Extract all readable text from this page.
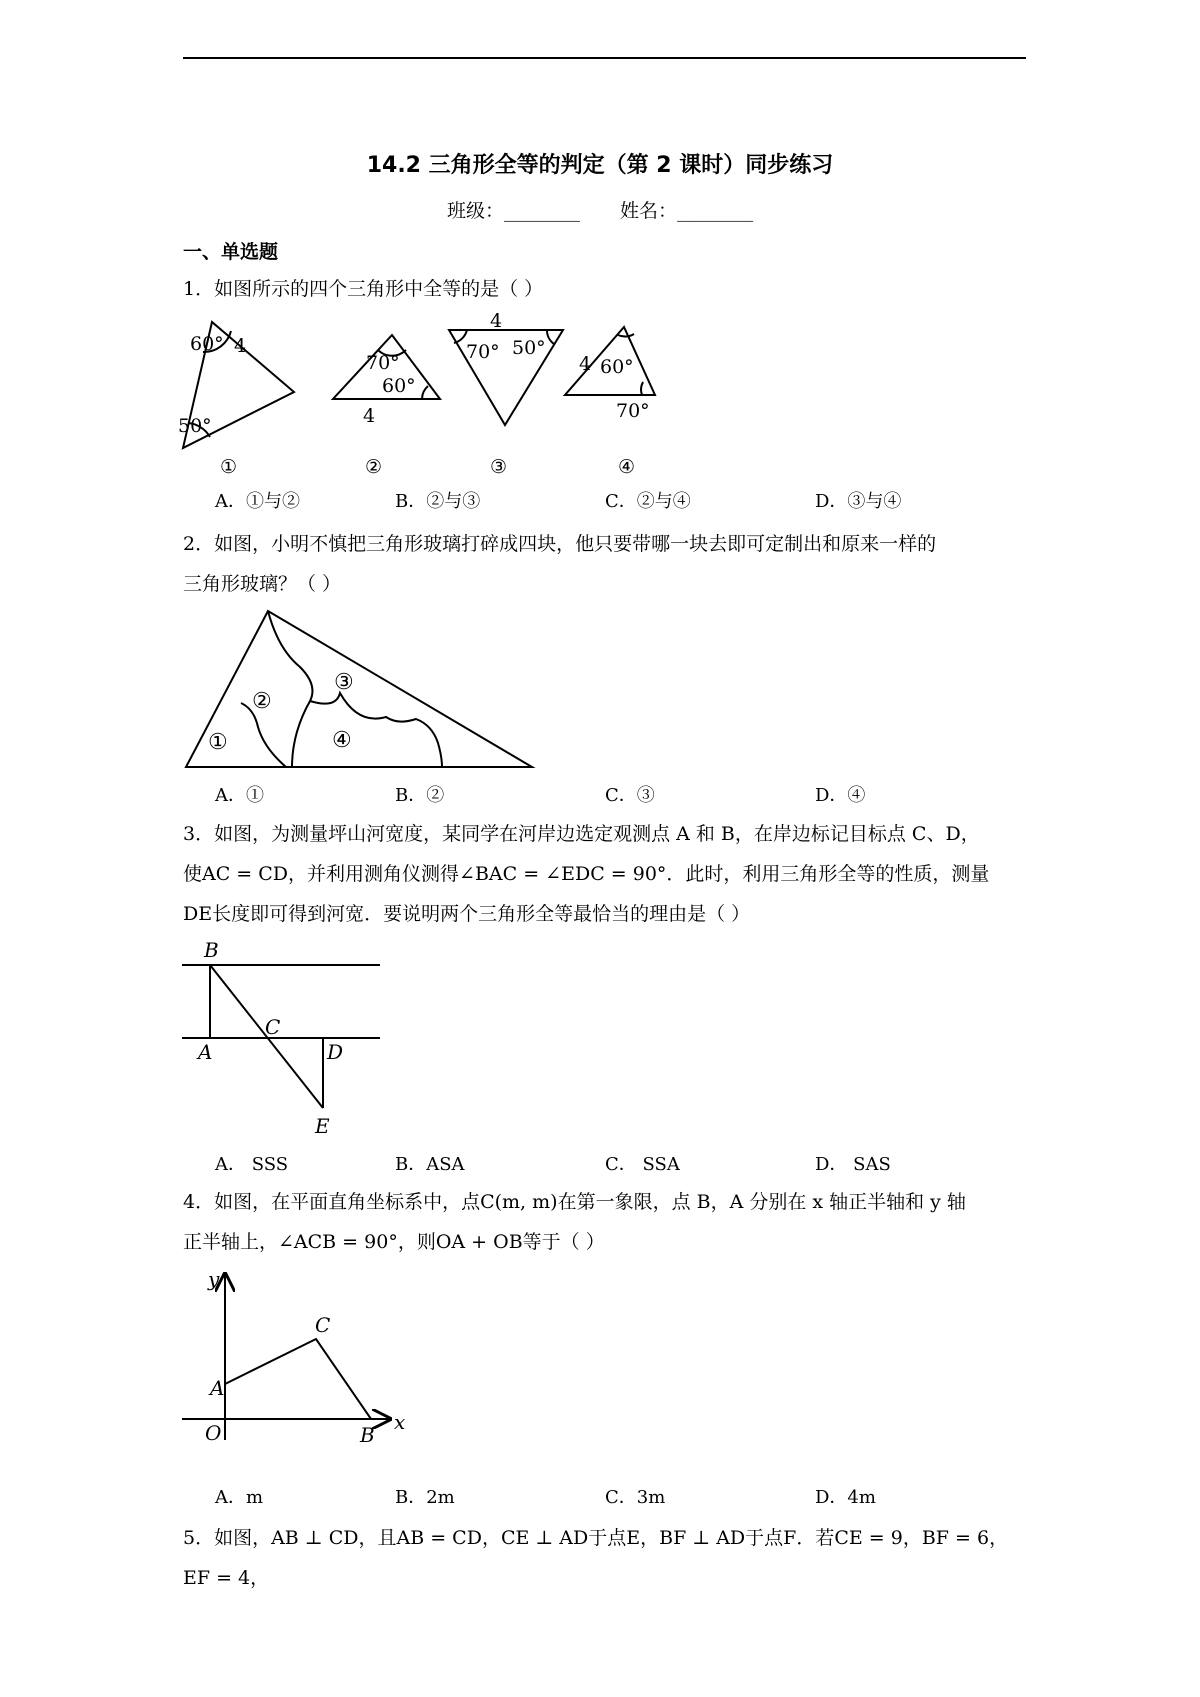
14.2 三角形全等的判定（第 2 课时）同步练习
班级：________ 姓名：________
一、单选题
1．如图所示的四个三角形中全等的是（ ）
60° 4
50°
①
70°
60°
4
②
4
70° 50°
③
4 60°
70°
④
A．①与②	B．②与③	C．②与④	D．③与④
2．如图，小明不慎把三角形玻璃打碎成四块，他只要带哪一块去即可定制出和原来一样的
三角形玻璃？（ ）
①
②
③
④
A．①	B．②	C．③	D．④
3．如图，为测量坪山河宽度，某同学在河岸边选定观测点 A 和 B，在岸边标记目标点 C、D，
使AC = CD，并利用测角仪测得∠BAC = ∠EDC = 90°．此时，利用三角形全等的性质，测量
DE长度即可得到河宽．要说明两个三角形全等最恰当的理由是（ ）
B
C
A	D
E
A． SSS	B．ASA	C． SSA	D． SAS
4．如图，在平面直角坐标系中，点C(m, m)在第一象限，点 B，A 分别在 x 轴正半轴和 y 轴
正半轴上，∠ACB = 90°，则OA + OB等于（ ）
y
x
C
A
O	B
A．m	B．2m	C．3m	D．4m
5．如图，AB ⊥ CD，且AB = CD，CE ⊥ AD于点E，BF ⊥ AD于点F．若CE = 9，BF = 6，EF = 4，
